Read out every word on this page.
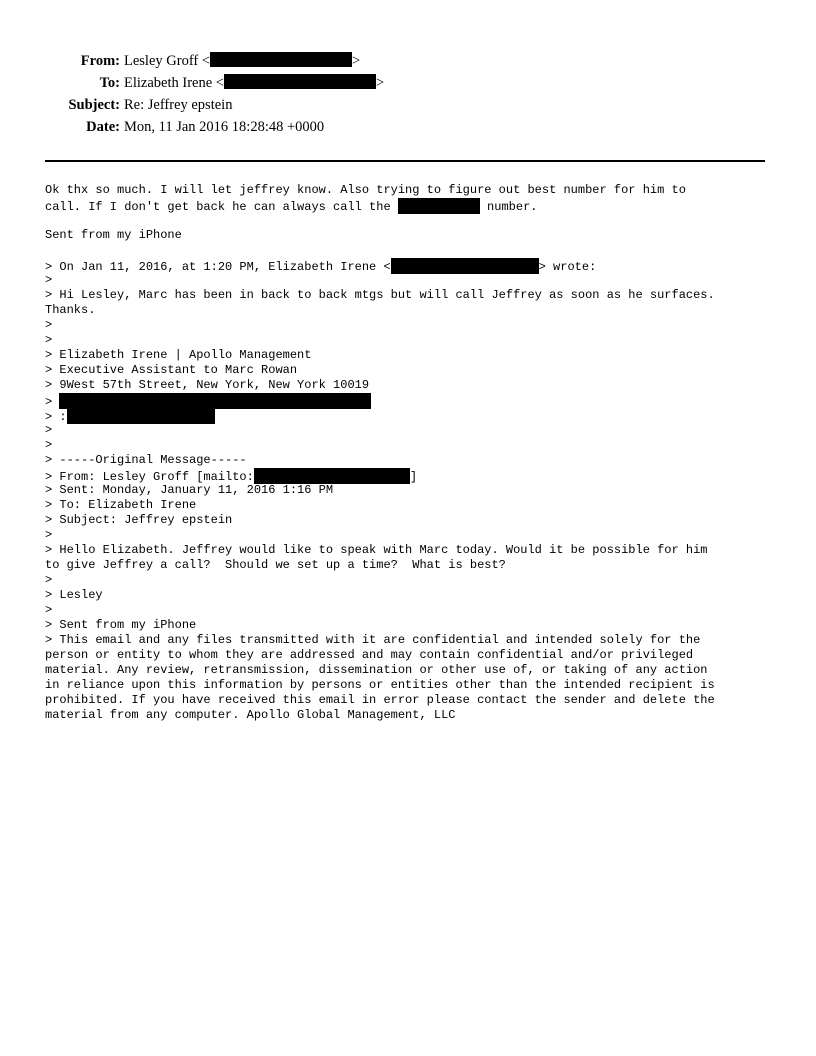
From: Lesley Groff <	>
To: Elizabeth Irene <	>
Subject: Re: Jeffrey epstein
Date: Mon, 11 Jan 2016 18:28:48 +0000
Ok thx so much. I will let jeffrey know. Also trying to figure out best number for him to
call. If I don't get back he can always call the	number.
Sent from my iPhone
> On Jan 11, 2016, at 1:20 PM, Elizabeth Irene <	> wrote:
>
> Hi Lesley, Marc has been in back to back mtgs but will call Jeffrey as soon as he surfaces.
Thanks.
>
>
> Elizabeth Irene | Apollo Management
> Executive Assistant to Marc Rowan
> 9West 57th Street, New York, New York 10019
>
> :
>
>
> -----Original Message-----
> From: Lesley Groff [mailto:	]
> Sent: Monday, January 11, 2016 1:16 PM
> To: Elizabeth Irene
> Subject: Jeffrey epstein
>
> Hello Elizabeth. Jeffrey would like to speak with Marc today. Would it be possible for him
to give Jeffrey a call?  Should we set up a time?  What is best?
>
> Lesley
>
> Sent from my iPhone
> This email and any files transmitted with it are confidential and intended solely for the
person or entity to whom they are addressed and may contain confidential and/or privileged
material. Any review, retransmission, dissemination or other use of, or taking of any action
in reliance upon this information by persons or entities other than the intended recipient is
prohibited. If you have received this email in error please contact the sender and delete the
material from any computer. Apollo Global Management, LLC
